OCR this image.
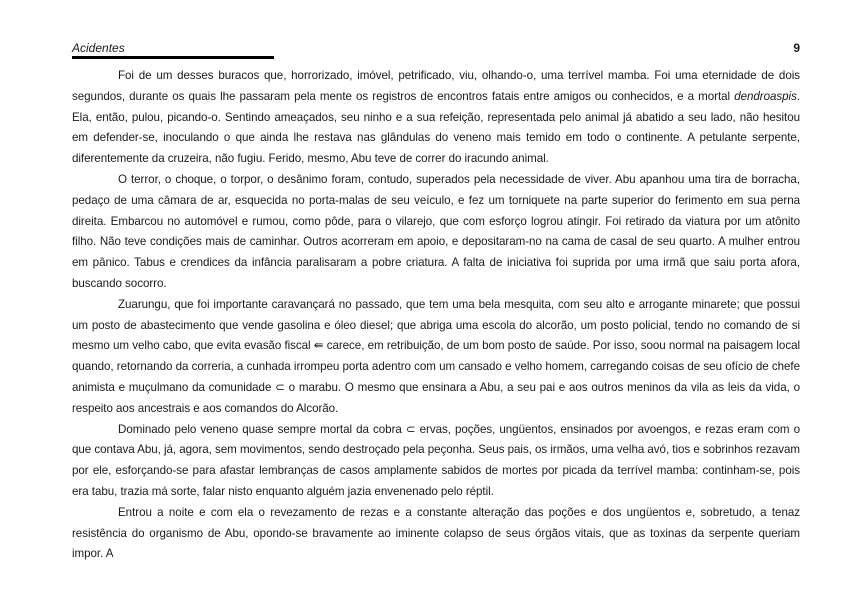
Acidentes	9

Foi de um desses buracos que, horrorizado, imóvel, petrificado, viu, olhando-o, uma terrível mamba. Foi uma eternidade de dois segundos, durante os quais lhe passaram pela mente os registros de encontros fatais entre amigos ou conhecidos, e a mortal dendroaspis. Ela, então, pulou, picando-o. Sentindo ameaçados, seu ninho e a sua refeição, representada pelo animal já abatido a seu lado, não hesitou em defender-se, inoculando o que ainda lhe restava nas glândulas do veneno mais temido em todo o continente. A petulante serpente, diferentemente da cruzeira, não fugiu. Ferido, mesmo, Abu teve de correr do iracundo animal.

O terror, o choque, o torpor, o desânimo foram, contudo, superados pela necessidade de viver. Abu apanhou uma tira de borracha, pedaço de uma câmara de ar, esquecida no porta-malas de seu veículo, e fez um torniquete na parte superior do ferimento em sua perna direita. Embarcou no automóvel e rumou, como pôde, para o vilarejo, que com esforço logrou atingir. Foi retirado da viatura por um atônito filho. Não teve condições mais de caminhar. Outros acorreram em apoio, e depositaram-no na cama de casal de seu quarto. A mulher entrou em pânico. Tabus e crendices da infância paralisaram a pobre criatura. A falta de iniciativa foi suprida por uma irmã que saiu porta afora, buscando socorro.

Zuarungu, que foi importante caravançará no passado, que tem uma bela mesquita, com seu alto e arrogante minarete; que possui um posto de abastecimento que vende gasolina e óleo diesel; que abriga uma escola do alcorão, um posto policial, tendo no comando de si mesmo um velho cabo, que evita evasão fiscal ⇚ carece, em retribuição, de um bom posto de saúde. Por isso, soou normal na paisagem local quando, retornando da correria, a cunhada irrompeu porta adentro com um cansado e velho homem, carregando coisas de seu ofício de chefe animista e muçulmano da comunidade ⊂ o marabu. O mesmo que ensinara a Abu, a seu pai e aos outros meninos da vila as leis da vida, o respeito aos ancestrais e aos comandos do Alcorão.

Dominado pelo veneno quase sempre mortal da cobra ⊂ ervas, poções, ungüentos, ensinados por avoengos, e rezas eram com o que contava Abu, já, agora, sem movimentos, sendo destroçado pela peçonha. Seus pais, os irmãos, uma velha avó, tios e sobrinhos rezavam por ele, esforçando-se para afastar lembranças de casos amplamente sabidos de mortes por picada da terrível mamba: continham-se, pois era tabu, trazia má sorte, falar nisto enquanto alguém jazia envenenado pelo réptil.

Entrou a noite e com ela o revezamento de rezas e a constante alteração das poções e dos ungüentos e, sobretudo, a tenaz resistência do organismo de Abu, opondo-se bravamente ao iminente colapso de seus órgãos vitais, que as toxinas da serpente queriam impor. A
